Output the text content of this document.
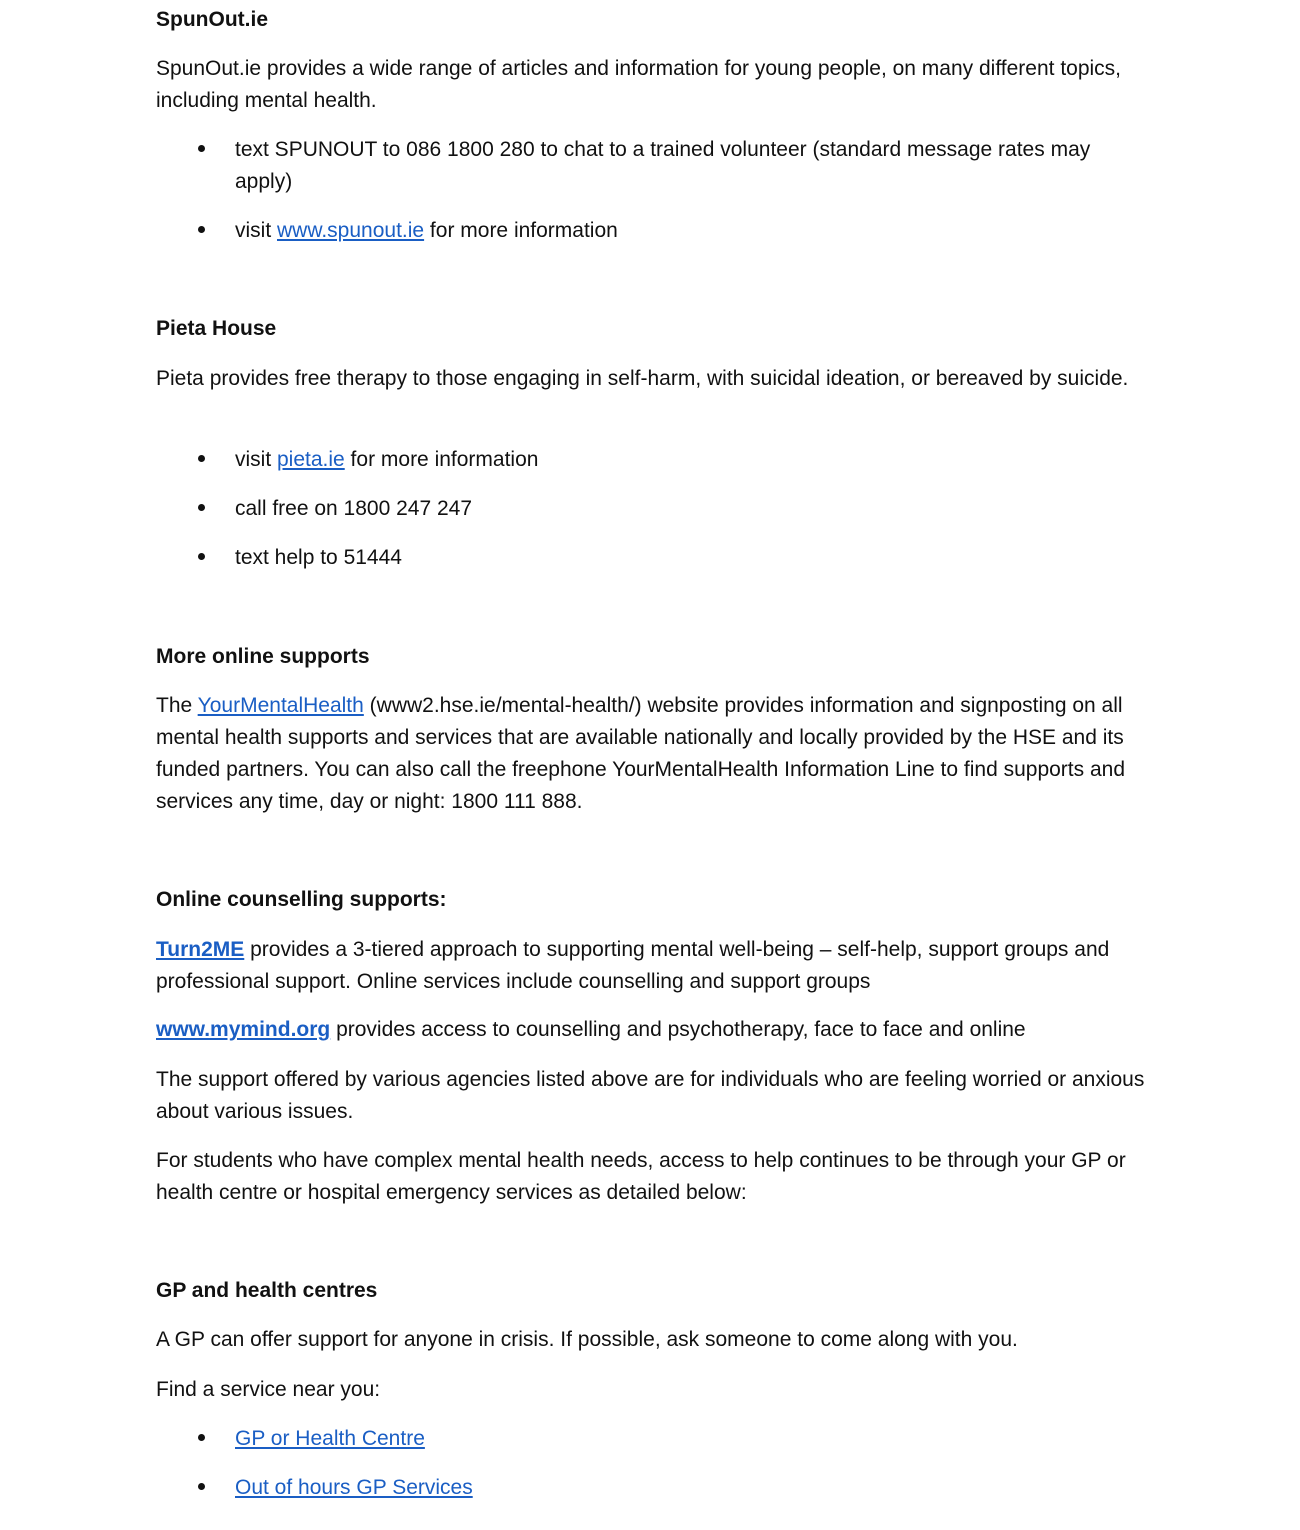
SpunOut.ie

SpunOut.ie provides a wide range of articles and information for young people, on many different topics, including mental health.

text SPUNOUT to 086 1800 280 to chat to a trained volunteer (standard message rates may apply)
visit www.spunout.ie for more information
Pieta House

Pieta provides free therapy to those engaging in self-harm, with suicidal ideation, or bereaved by suicide.

visit pieta.ie for more information
call free on 1800 247 247
text help to 51444
More online supports

The YourMentalHealth (www2.hse.ie/mental-health/) website provides information and signposting on all mental health supports and services that are available nationally and locally provided by the HSE and its funded partners. You can also call the freephone YourMentalHealth Information Line to find supports and services any time, day or night: 1800 111 888.

Online counselling supports:

Turn2ME provides a 3-tiered approach to supporting mental well-being – self-help, support groups and professional support. Online services include counselling and support groups

www.mymind.org provides access to counselling and psychotherapy, face to face and online

The support offered by various agencies listed above are for individuals who are feeling worried or anxious about various issues.

For students who have complex mental health needs, access to help continues to be through your GP or health centre or hospital emergency services as detailed below:

GP and health centres

A GP can offer support for anyone in crisis. If possible, ask someone to come along with you.

Find a service near you:

GP or Health Centre
Out of hours GP Services
